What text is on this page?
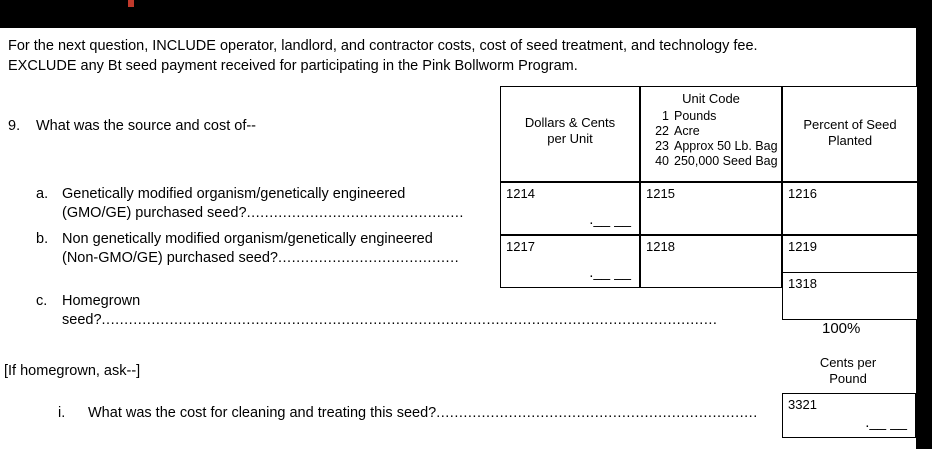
For the next question, INCLUDE operator, landlord, and contractor costs, cost of seed treatment, and technology fee.
EXCLUDE any Bt seed payment received for participating in the Pink Bollworm Program.
9. What was the source and cost of--
a. Genetically modified organism/genetically engineered
(GMO/GE) purchased seed?................................................
b. Non genetically modified organism/genetically engineered
(Non-GMO/GE) purchased seed?........................................
c. Homegrown seed?........................................................................................................................................
[If homegrown, ask--]
i. What was the cost for cleaning and treating this seed?.......................................................................
Dollars & Cents
per Unit
Unit Code
1 Pounds
22 Acre
23 Approx 50 Lb. Bag
40 250,000 Seed Bag
Percent of Seed
Planted
1214
.__ __
1215	1216
1217
.__ __
1218	1219
1318
100%
Cents per
Pound
3321
.__ __
